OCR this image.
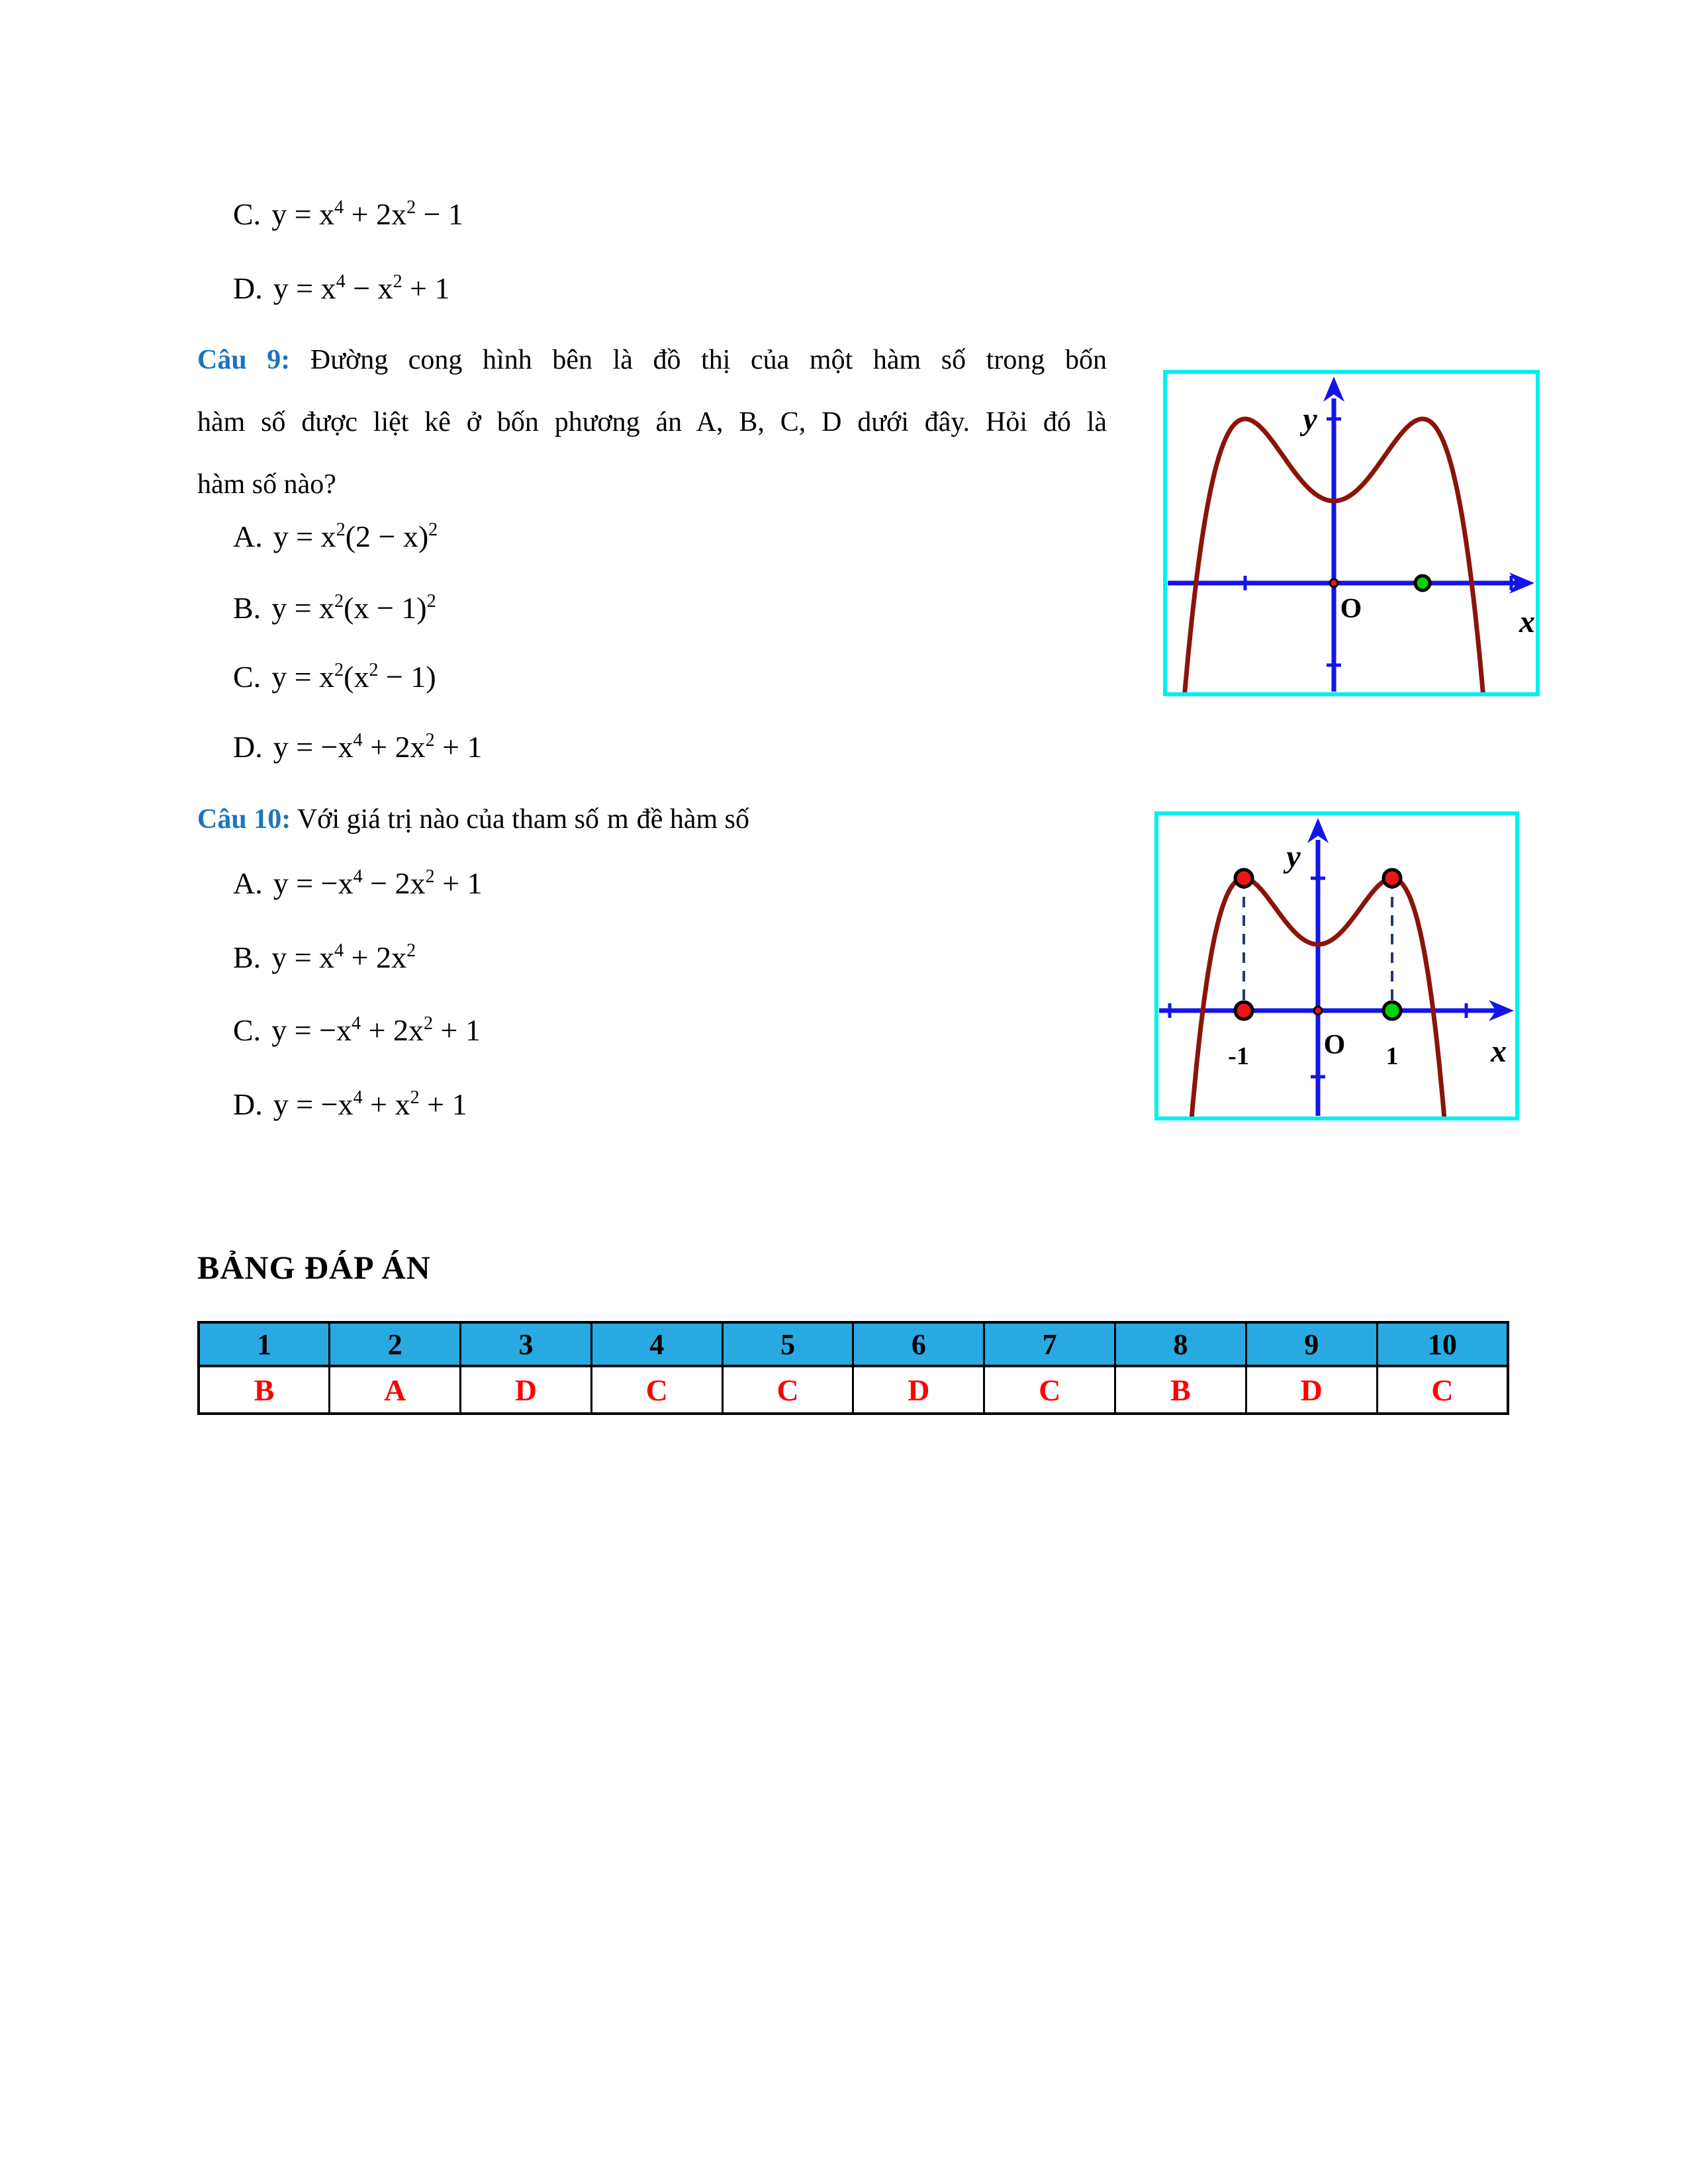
C. $y = x^4 + 2x^2 - 1$
D. $y = x^4 - x^2 + 1$
Câu 9: Đường cong hình bên là đồ thị của một hàm số trong bốn
hàm số được liệt kê ở bốn phương án A, B, C, D dưới đây. Hỏi đó là
hàm số nào?
A. $y = x^2(2 - x)^2$
B. $y = x^2(x - 1)^2$
C. $y = x^2(x^2 - 1)$
D. $y = -x^4 + 2x^2 + 1$
y
x
O
Câu 10: Với giá trị nào của tham số m đề hàm số
A. $y = -x^4 - 2x^2 + 1$
B. $y = x^4 + 2x^2$
C. $y = -x^4 + 2x^2 + 1$
D. $y = -x^4 + x^2 + 1$
y
x
O 1
-1
BẢNG ĐÁP ÁN
1	2	3	4	5	6	7	8	9	10
B	A	D	C	C	D	C	B	D	C
